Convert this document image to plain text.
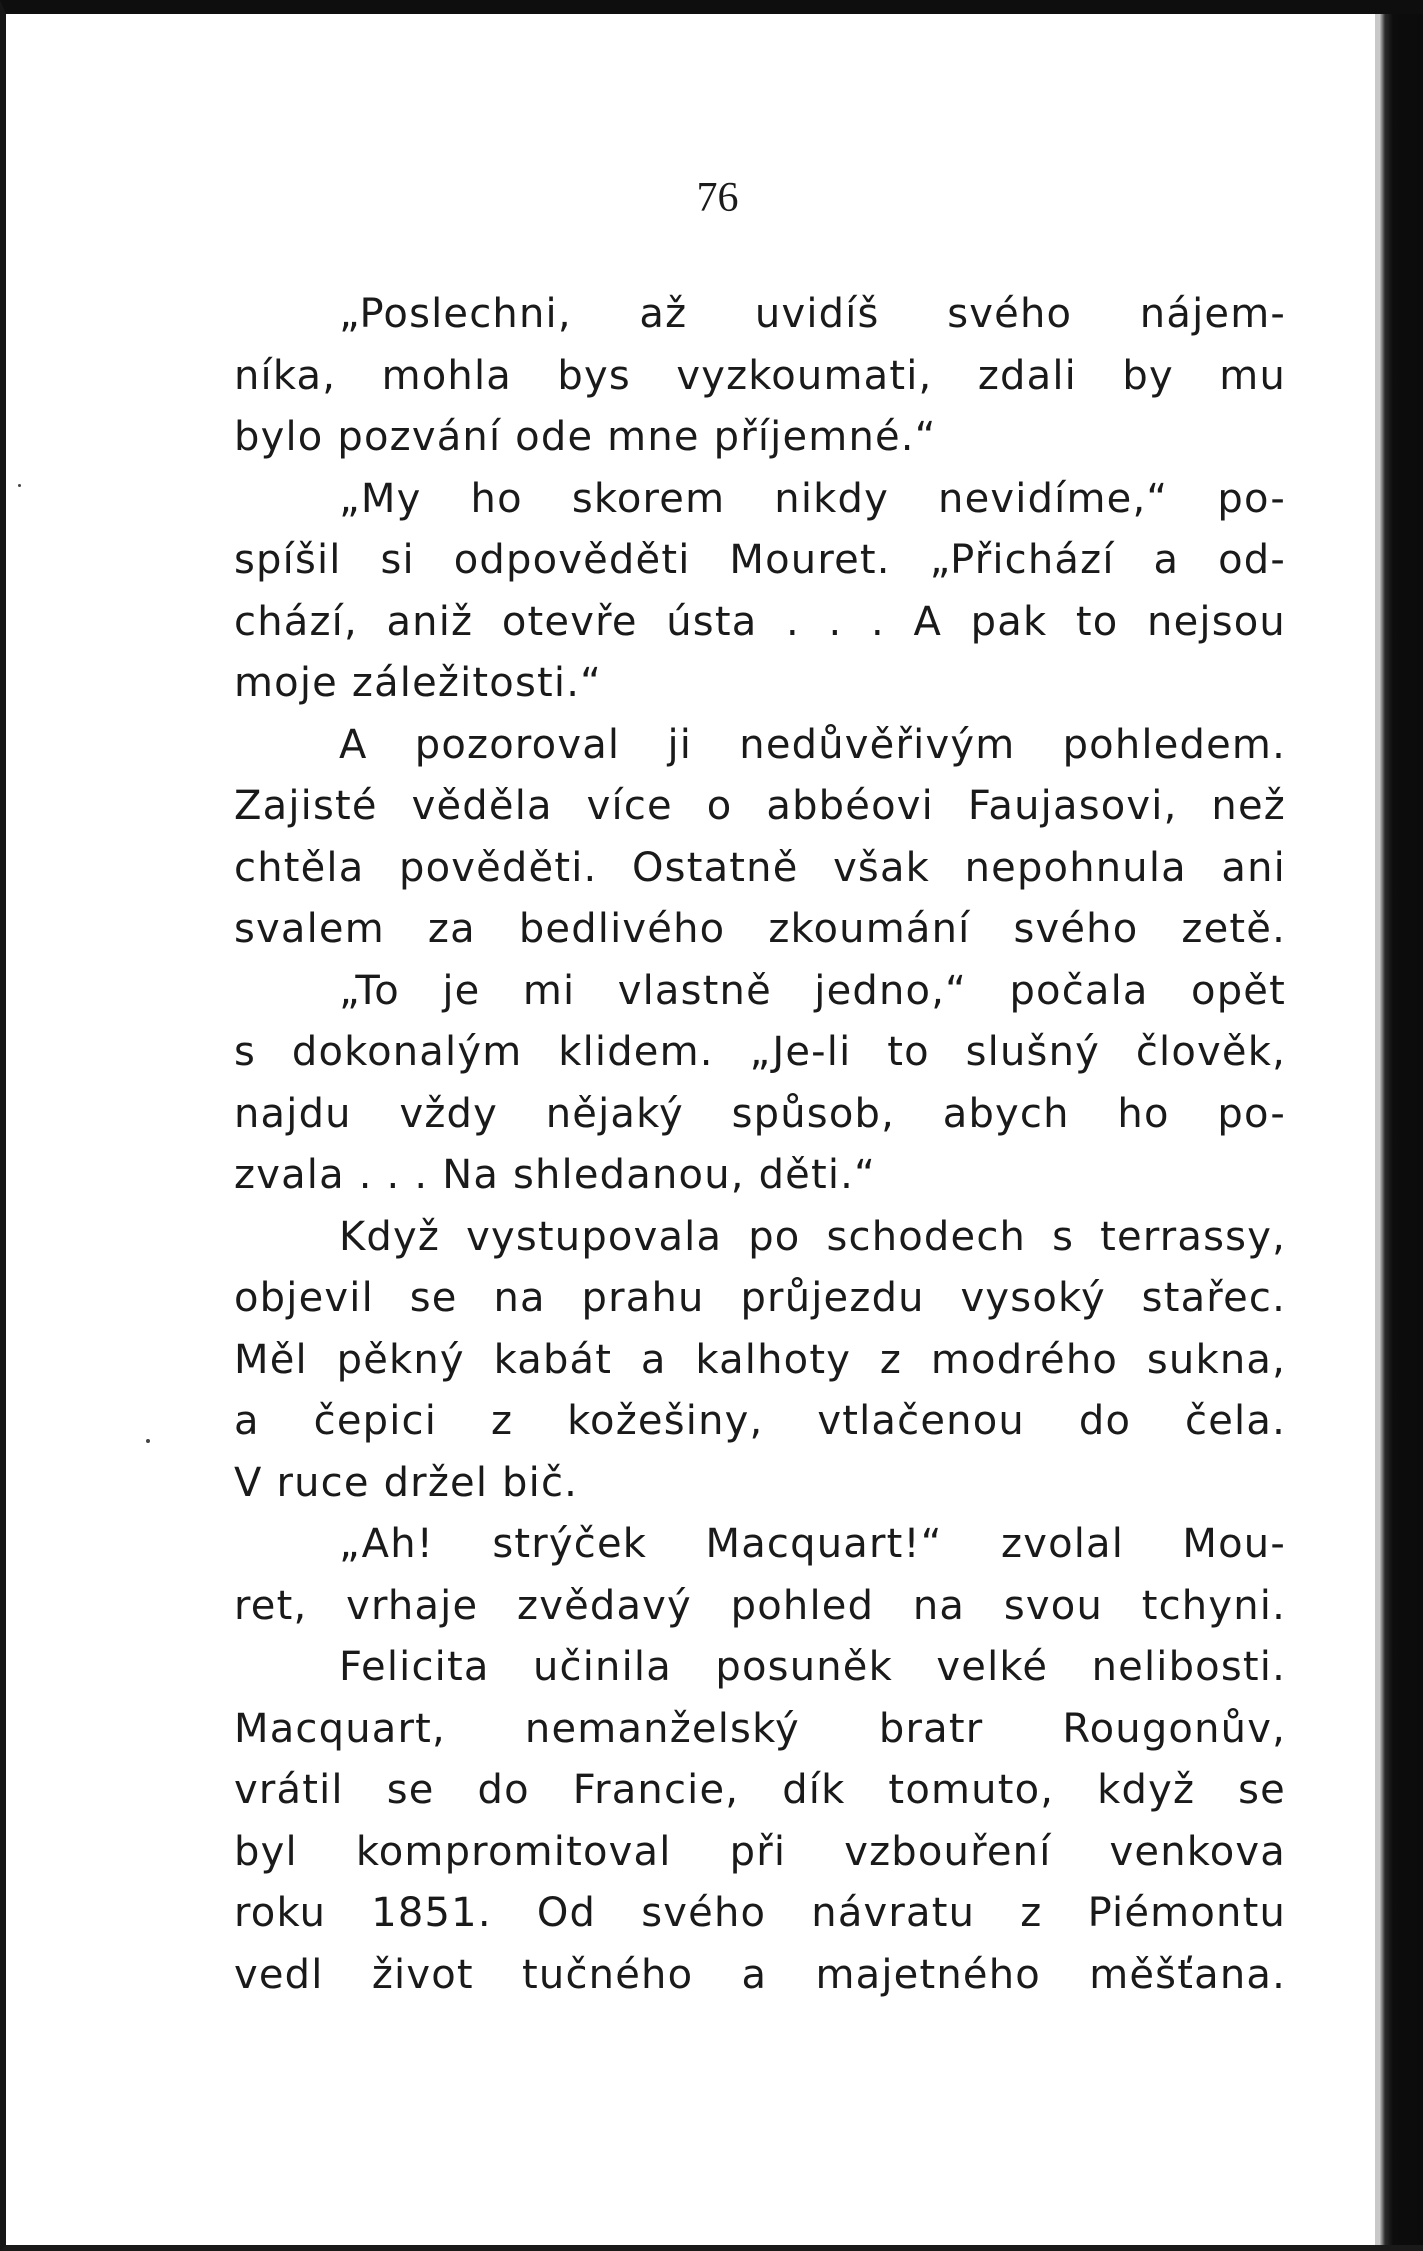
76
„Poslechni, až uvidíš svého nájem-
níka, mohla bys vyzkoumati, zdali by mu
bylo pozvání ode mne příjemné.“
„My ho skorem nikdy nevidíme,“ po-
spíšil si odpověděti Mouret. „Přichází a od-
chází, aniž otevře ústa . . . A pak to nejsou
moje záležitosti.“
A pozoroval ji nedůvěřivým pohledem.
Zajisté věděla více o abbéovi Faujasovi, než
chtěla pověděti. Ostatně však nepohnula ani
svalem za bedlivého zkoumání svého zetě.
„To je mi vlastně jedno,“ počala opět
s dokonalým klidem. „Je-li to slušný člověk,
najdu vždy nějaký spůsob, abych ho po-
zvala . . . Na shledanou, děti.“
Když vystupovala po schodech s terrassy,
objevil se na prahu průjezdu vysoký stařec.
Měl pěkný kabát a kalhoty z modrého sukna,
a čepici z kožešiny, vtlačenou do čela.
V ruce držel bič.
„Ah! strýček Macquart!“ zvolal Mou-
ret, vrhaje zvědavý pohled na svou tchyni.
Felicita učinila posuněk velké nelibosti.
Macquart, nemanželský bratr Rougonův,
vrátil se do Francie, dík tomuto, když se
byl kompromitoval při vzbouření venkova
roku 1851. Od svého návratu z Piémontu
vedl život tučného a majetného měšťana.
